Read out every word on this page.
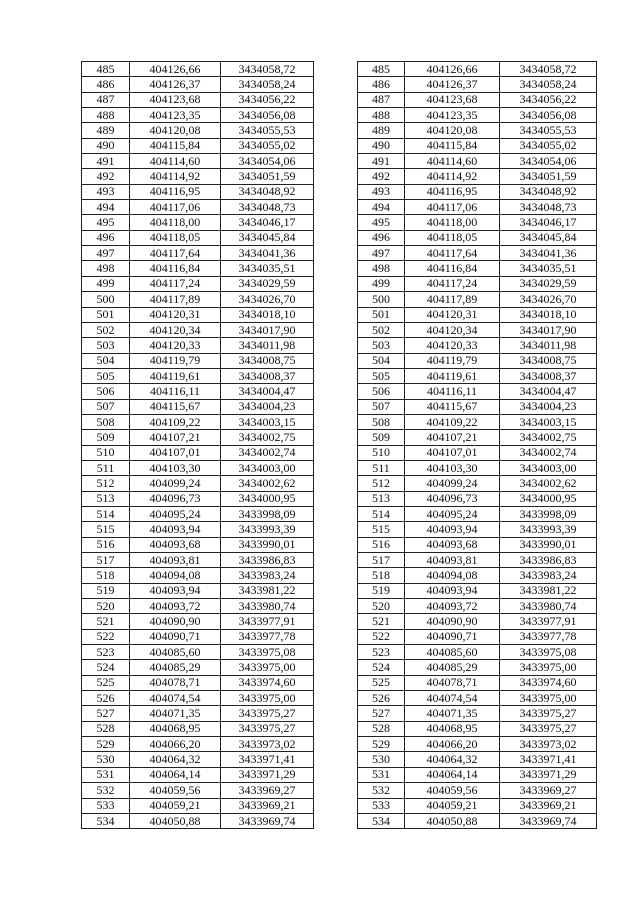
485	404126,66	3434058,72		485	404126,66	3434058,72
486	404126,37	3434058,24		486	404126,37	3434058,24
487	404123,68	3434056,22		487	404123,68	3434056,22
488	404123,35	3434056,08		488	404123,35	3434056,08
489	404120,08	3434055,53		489	404120,08	3434055,53
490	404115,84	3434055,02		490	404115,84	3434055,02
491	404114,60	3434054,06		491	404114,60	3434054,06
492	404114,92	3434051,59		492	404114,92	3434051,59
493	404116,95	3434048,92		493	404116,95	3434048,92
494	404117,06	3434048,73		494	404117,06	3434048,73
495	404118,00	3434046,17		495	404118,00	3434046,17
496	404118,05	3434045,84		496	404118,05	3434045,84
497	404117,64	3434041,36		497	404117,64	3434041,36
498	404116,84	3434035,51		498	404116,84	3434035,51
499	404117,24	3434029,59		499	404117,24	3434029,59
500	404117,89	3434026,70		500	404117,89	3434026,70
501	404120,31	3434018,10		501	404120,31	3434018,10
502	404120,34	3434017,90		502	404120,34	3434017,90
503	404120,33	3434011,98		503	404120,33	3434011,98
504	404119,79	3434008,75		504	404119,79	3434008,75
505	404119,61	3434008,37		505	404119,61	3434008,37
506	404116,11	3434004,47		506	404116,11	3434004,47
507	404115,67	3434004,23		507	404115,67	3434004,23
508	404109,22	3434003,15		508	404109,22	3434003,15
509	404107,21	3434002,75		509	404107,21	3434002,75
510	404107,01	3434002,74		510	404107,01	3434002,74
511	404103,30	3434003,00		511	404103,30	3434003,00
512	404099,24	3434002,62		512	404099,24	3434002,62
513	404096,73	3434000,95		513	404096,73	3434000,95
514	404095,24	3433998,09		514	404095,24	3433998,09
515	404093,94	3433993,39		515	404093,94	3433993,39
516	404093,68	3433990,01		516	404093,68	3433990,01
517	404093,81	3433986,83		517	404093,81	3433986,83
518	404094,08	3433983,24		518	404094,08	3433983,24
519	404093,94	3433981,22		519	404093,94	3433981,22
520	404093,72	3433980,74		520	404093,72	3433980,74
521	404090,90	3433977,91		521	404090,90	3433977,91
522	404090,71	3433977,78		522	404090,71	3433977,78
523	404085,60	3433975,08		523	404085,60	3433975,08
524	404085,29	3433975,00		524	404085,29	3433975,00
525	404078,71	3433974,60		525	404078,71	3433974,60
526	404074,54	3433975,00		526	404074,54	3433975,00
527	404071,35	3433975,27		527	404071,35	3433975,27
528	404068,95	3433975,27		528	404068,95	3433975,27
529	404066,20	3433973,02		529	404066,20	3433973,02
530	404064,32	3433971,41		530	404064,32	3433971,41
531	404064,14	3433971,29		531	404064,14	3433971,29
532	404059,56	3433969,27		532	404059,56	3433969,27
533	404059,21	3433969,21		533	404059,21	3433969,21
534	404050,88	3433969,74		534	404050,88	3433969,74
